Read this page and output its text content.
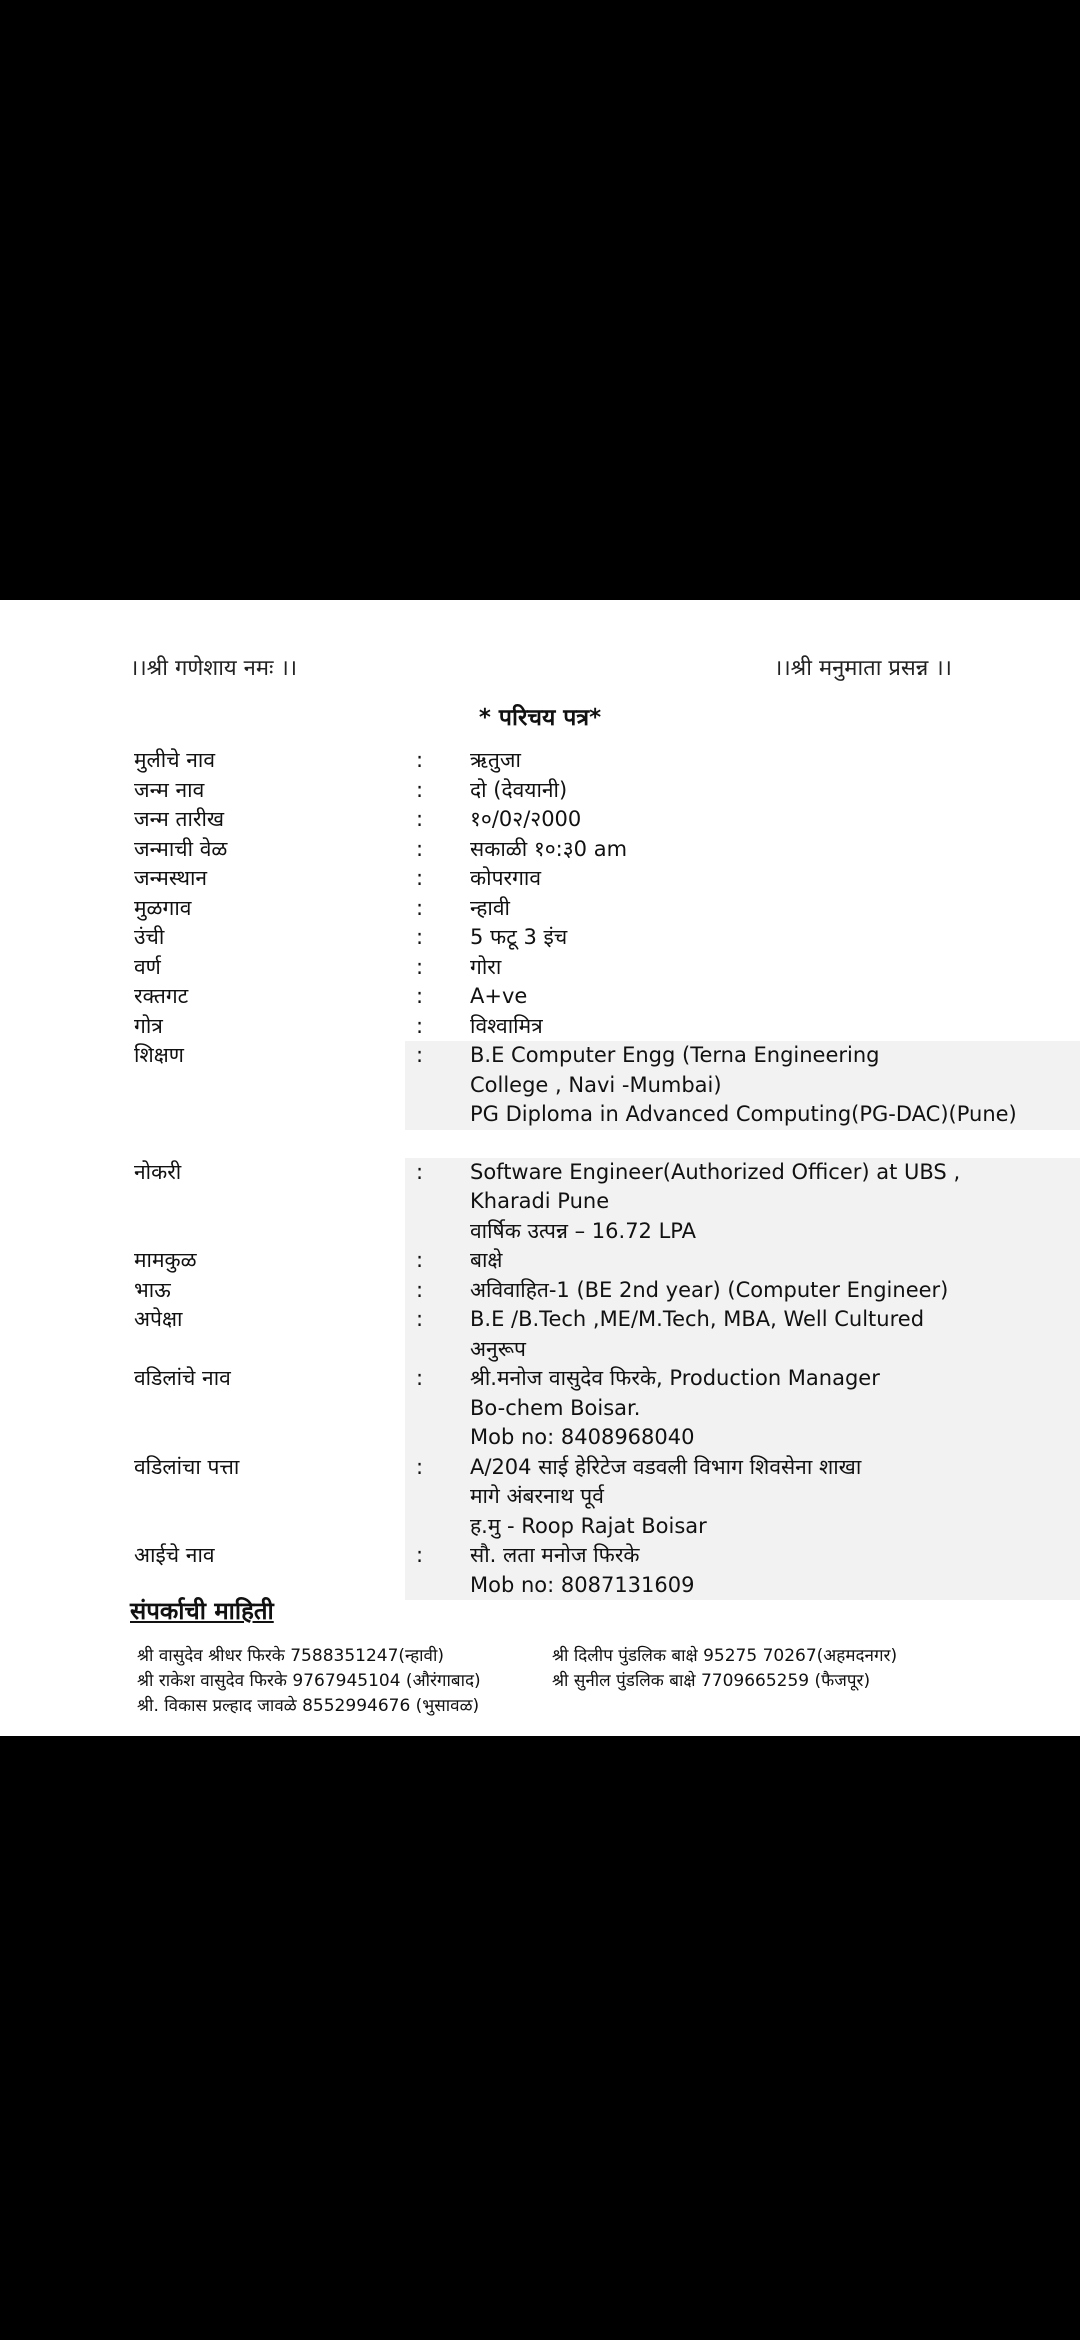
।।श्री गणेशाय नमः ।।	।।श्री मनुमाता प्रसन्न ।।
* परिचय पत्र*
मुलीचे नाव	: ऋतुजा
जन्म नाव	: दो (देवयानी)
जन्म तारीख	: १०/0२/२000
जन्माची वेळ	: सकाळी १०:३0 am
जन्मस्थान	: कोपरगाव
मुळगाव	: न्हावी
उंची	: 5 फटू 3 इंच
वर्ण	: गोरा
रक्तगट	: A+ve
गोत्र	: विश्वामित्र
शिक्षण	: B.E Computer Engg (Terna Engineering
College , Navi -Mumbai)
PG Diploma in Advanced Computing(PG-DAC)(Pune)
नोकरी	: Software Engineer(Authorized Officer) at UBS ,
Kharadi Pune
वार्षिक उत्पन्न – 16.72 LPA
मामकुळ	: बाक्षे
भाऊ	: अविवाहित-1 (BE 2nd year) (Computer Engineer)
अपेक्षा	: B.E /B.Tech ,ME/M.Tech, MBA, Well Cultured
अनुरूप
वडिलांचे नाव	: श्री.मनोज वासुदेव फिरके, Production Manager
Bo-chem Boisar.
Mob no: 8408968040
वडिलांचा पत्ता	: A/204 साई हेरिटेज वडवली विभाग शिवसेना शाखा
मागे अंबरनाथ पूर्व
ह.मु - Roop Rajat Boisar
आईचे नाव	: सौ. लता मनोज फिरके
Mob no: 8087131609
संपर्काची माहिती
श्री वासुदेव श्रीधर फिरके 7588351247(न्हावी)
श्री राकेश वासुदेव फिरके 9767945104 (औरंगाबाद)
श्री. विकास प्रल्हाद जावळे 8552994676 (भुसावळ)
श्री दिलीप पुंडलिक बाक्षे 95275 70267(अहमदनगर)
श्री सुनील पुंडलिक बाक्षे 7709665259 (फैजपूर)
